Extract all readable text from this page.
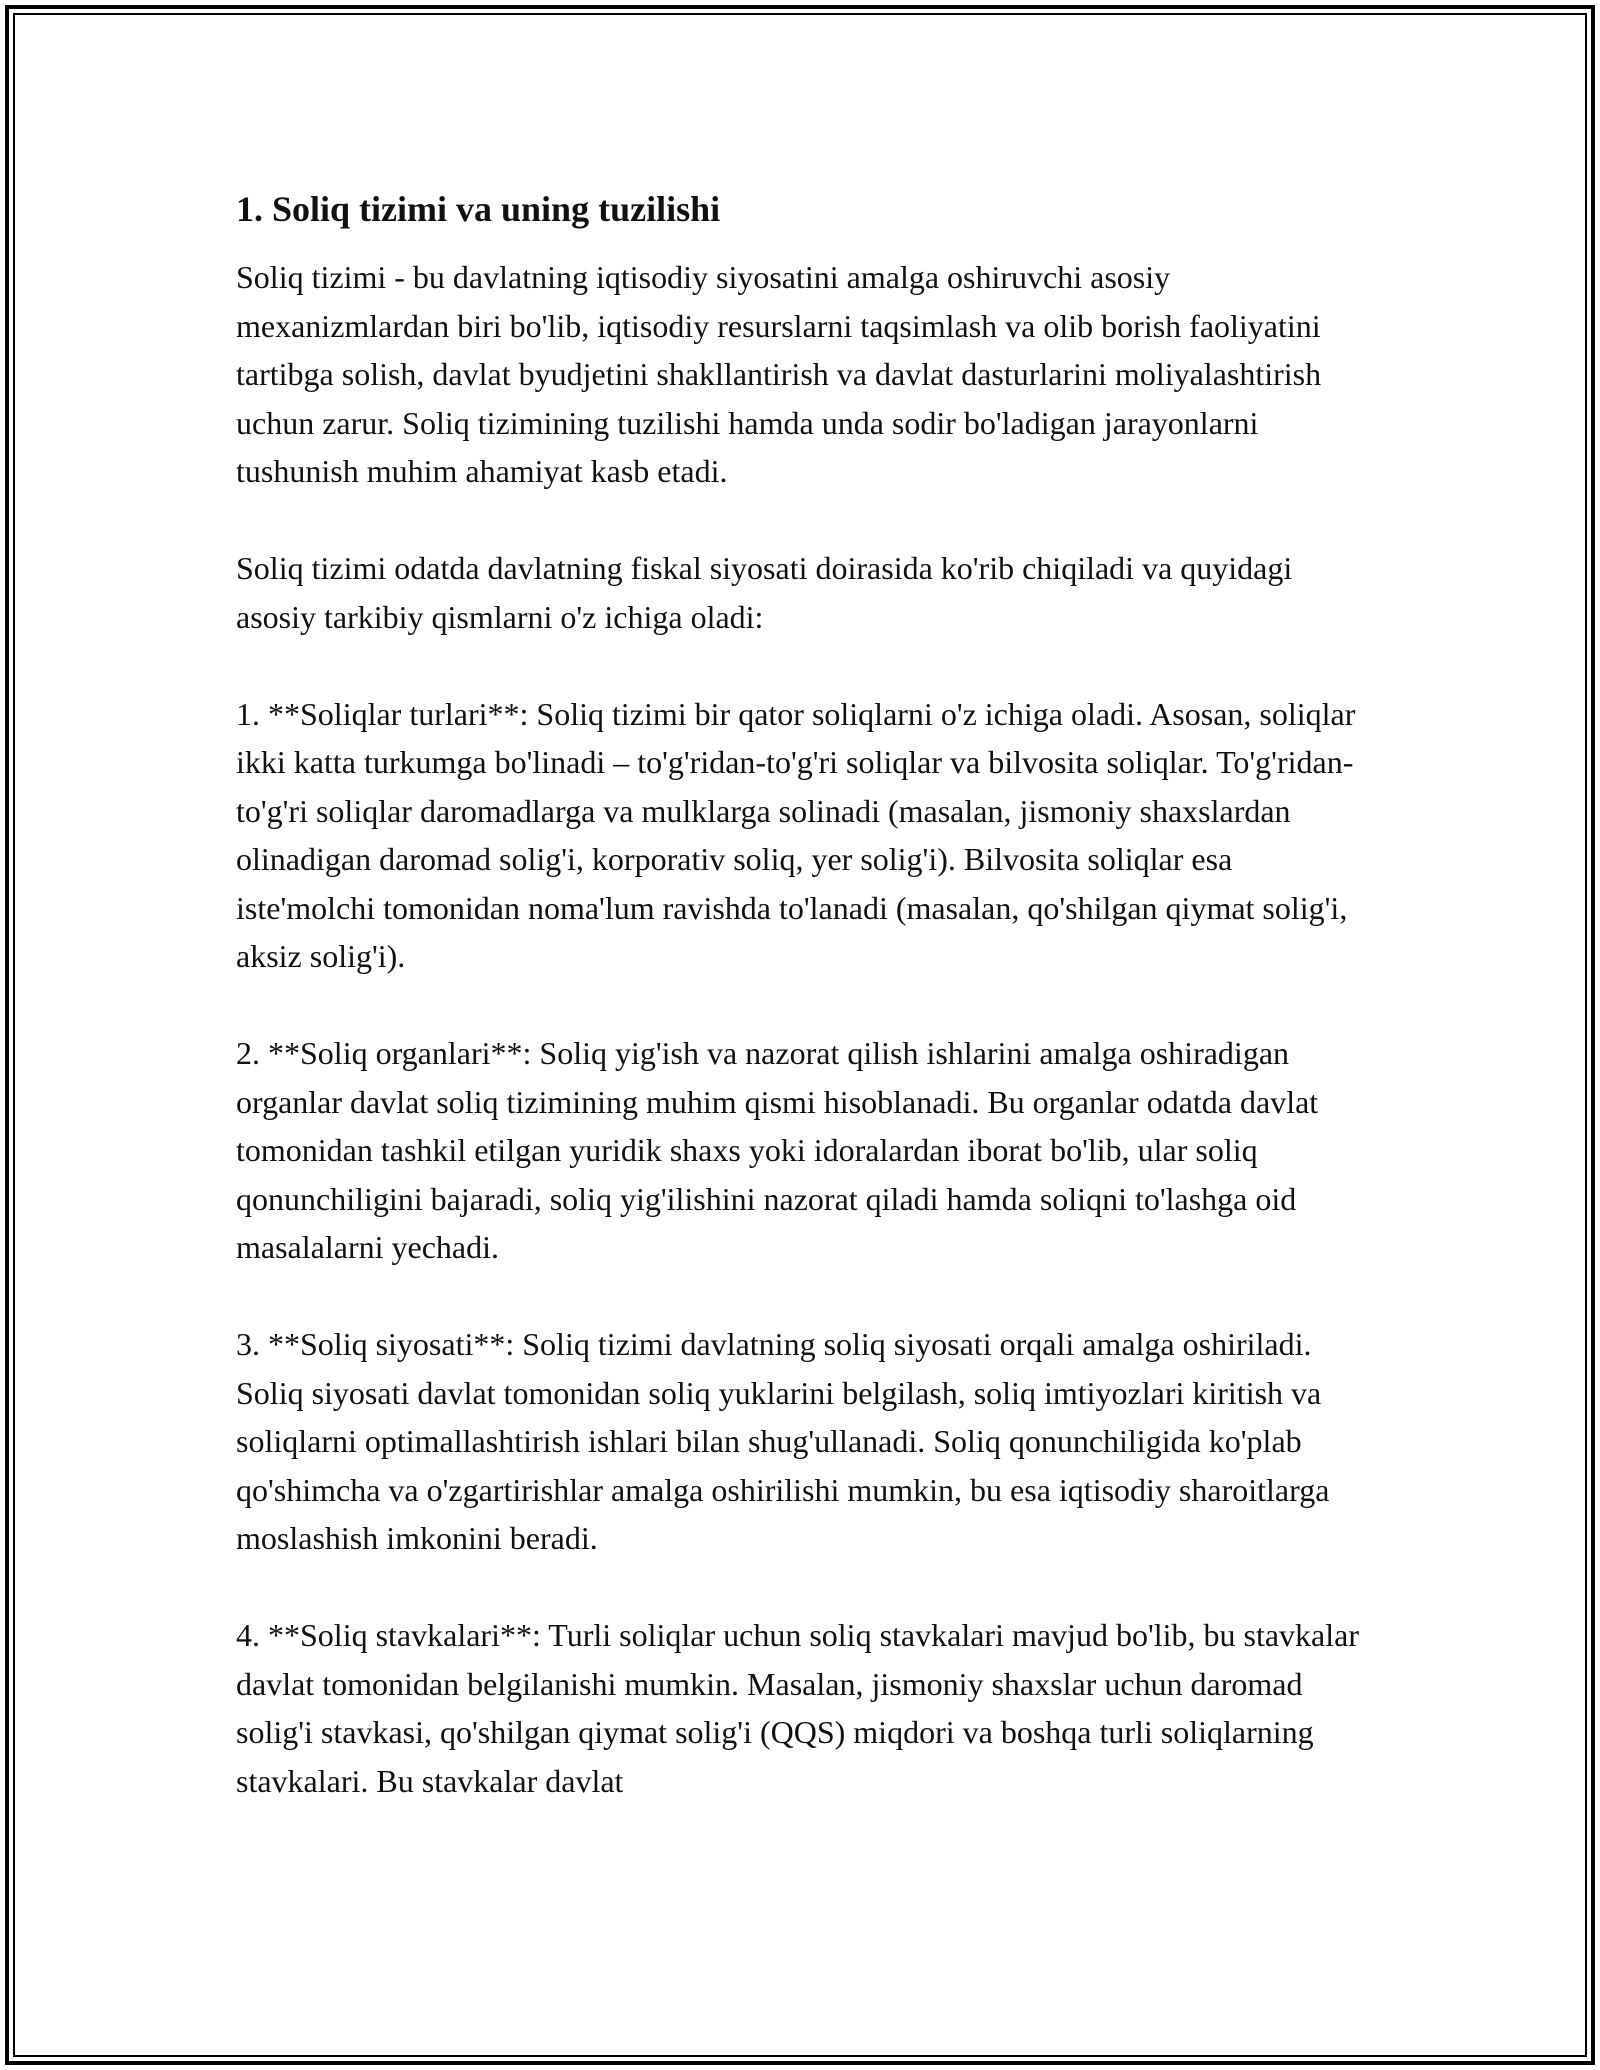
1. Soliq tizimi va uning tuzilishi

Soliq tizimi - bu davlatning iqtisodiy siyosatini amalga oshiruvchi asosiy mexanizmlardan biri bo'lib, iqtisodiy resurslarni taqsimlash va olib borish faoliyatini tartibga solish, davlat byudjetini shakllantirish va davlat dasturlarini moliyalashtirish uchun zarur. Soliq tizimining tuzilishi hamda unda sodir bo'ladigan jarayonlarni tushunish muhim ahamiyat kasb etadi.

Soliq tizimi odatda davlatning fiskal siyosati doirasida ko'rib chiqiladi va quyidagi asosiy tarkibiy qismlarni o'z ichiga oladi:

1. **Soliqlar turlari**: Soliq tizimi bir qator soliqlarni o'z ichiga oladi. Asosan, soliqlar ikki katta turkumga bo'linadi – to'g'ridan-to'g'ri soliqlar va bilvosita soliqlar. To'g'ridan-to'g'ri soliqlar daromadlarga va mulklarga solinadi (masalan, jismoniy shaxslardan olinadigan daromad solig'i, korporativ soliq, yer solig'i). Bilvosita soliqlar esa iste'molchi tomonidan noma'lum ravishda to'lanadi (masalan, qo'shilgan qiymat solig'i, aksiz solig'i).

2. **Soliq organlari**: Soliq yig'ish va nazorat qilish ishlarini amalga oshiradigan organlar davlat soliq tizimining muhim qismi hisoblanadi. Bu organlar odatda davlat tomonidan tashkil etilgan yuridik shaxs yoki idoralardan iborat bo'lib, ular soliq qonunchiligini bajaradi, soliq yig'ilishini nazorat qiladi hamda soliqni to'lashga oid masalalarni yechadi.

3. **Soliq siyosati**: Soliq tizimi davlatning soliq siyosati orqali amalga oshiriladi. Soliq siyosati davlat tomonidan soliq yuklarini belgilash, soliq imtiyozlari kiritish va soliqlarni optimallashtirish ishlari bilan shug'ullanadi. Soliq qonunchiligida ko'plab qo'shimcha va o'zgartirishlar amalga oshirilishi mumkin, bu esa iqtisodiy sharoitlarga moslashish imkonini beradi.

4. **Soliq stavkalari**: Turli soliqlar uchun soliq stavkalari mavjud bo'lib, bu stavkalar davlat tomonidan belgilanishi mumkin. Masalan, jismoniy shaxslar uchun daromad solig'i stavkasi, qo'shilgan qiymat solig'i (QQS) miqdori va boshqa turli soliqlarning stavkalari. Bu stavkalar davlat
